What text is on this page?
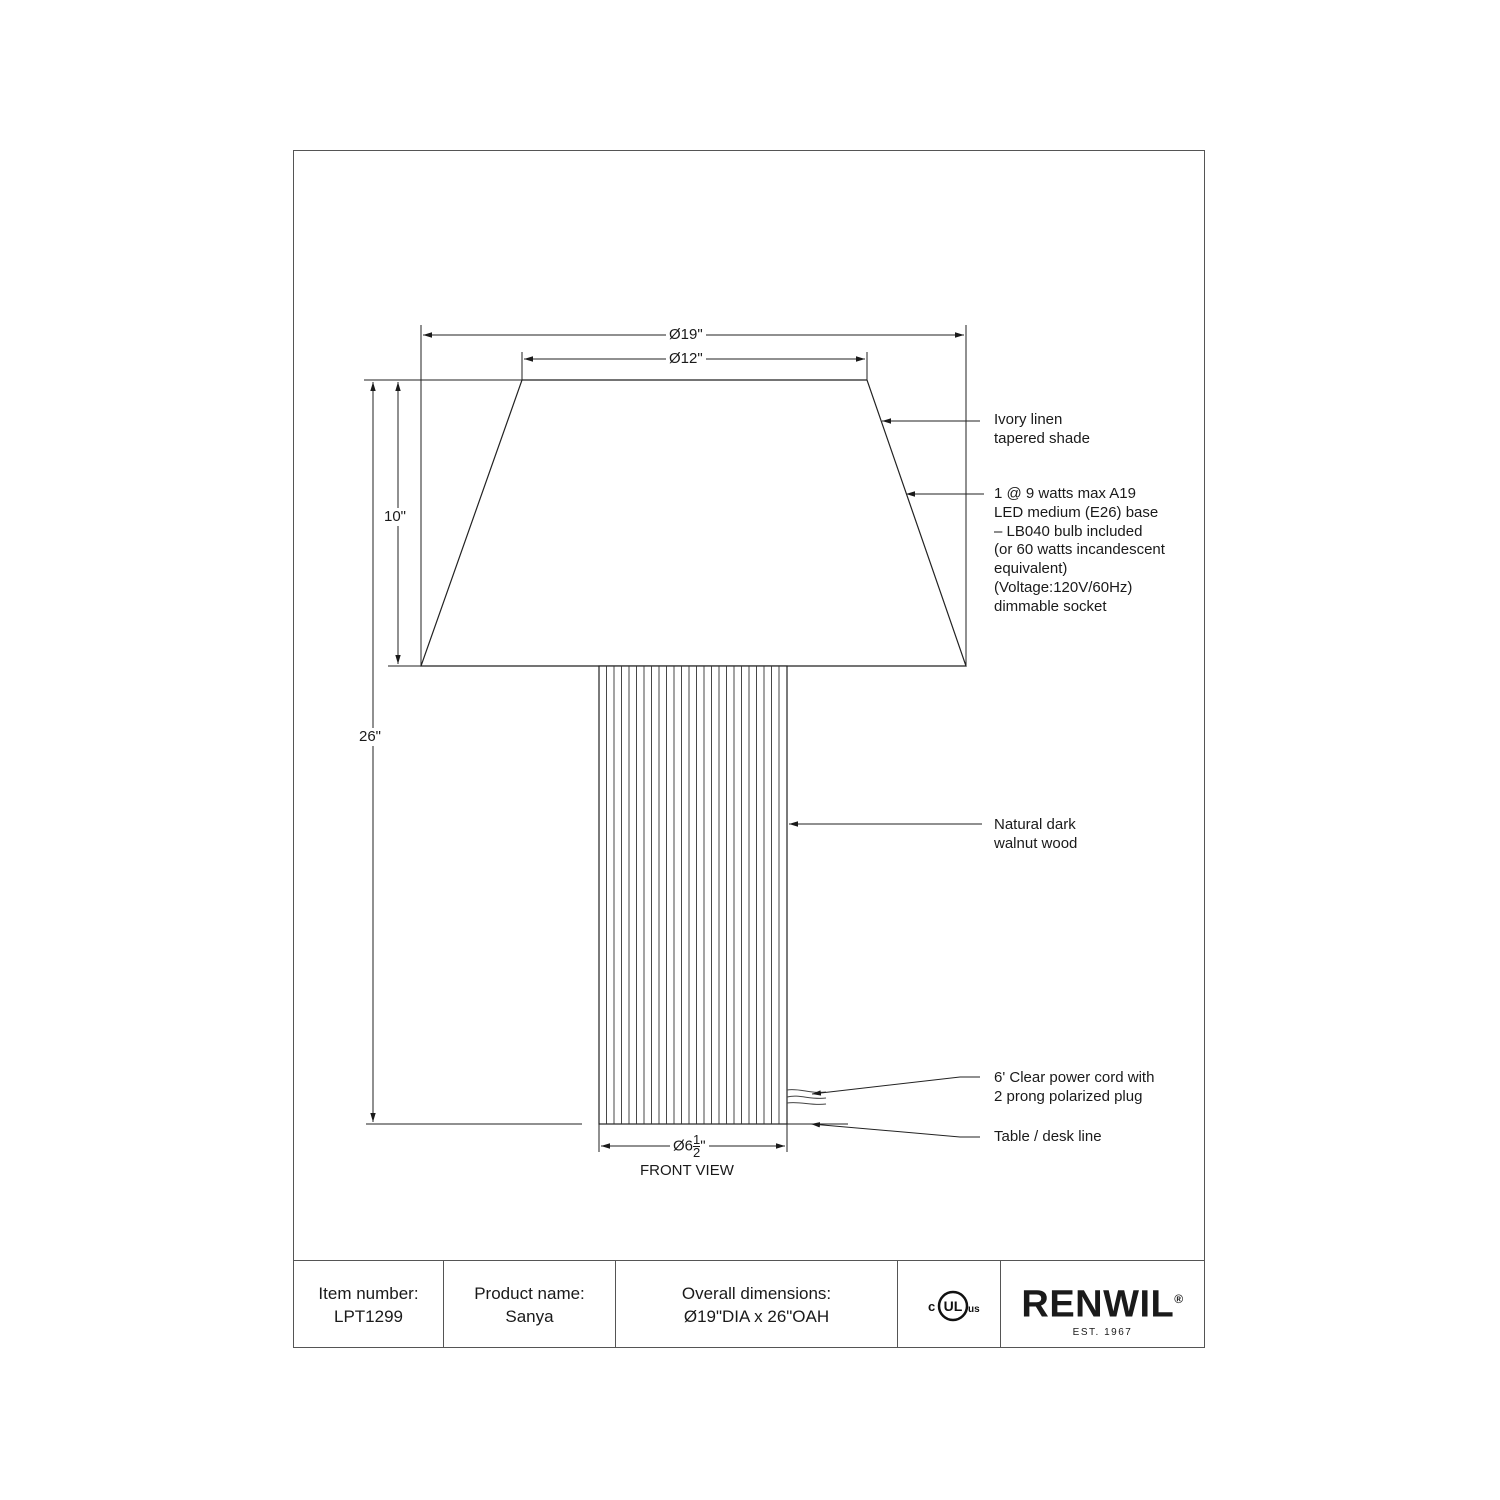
Ø19"
Ø12"
10"
26"
Ø6 $\frac{1}{2}$ "
FRONT VIEW
Ivory linen
tapered shade
1 @ 9 watts max A19
LED medium (E26) base
– LB040 bulb included
(or 60 watts incandescent
equivalent)
(Voltage:120V/60Hz)
dimmable socket
Natural dark
walnut wood
6' Clear power cord with
2 prong polarized plug
Table / desk line
Item number:
LPT1299
Product name:
Sanya
Overall dimensions:
Ø19"DIA x 26"OAH	c UL us RENWIL®
EST. 1967
